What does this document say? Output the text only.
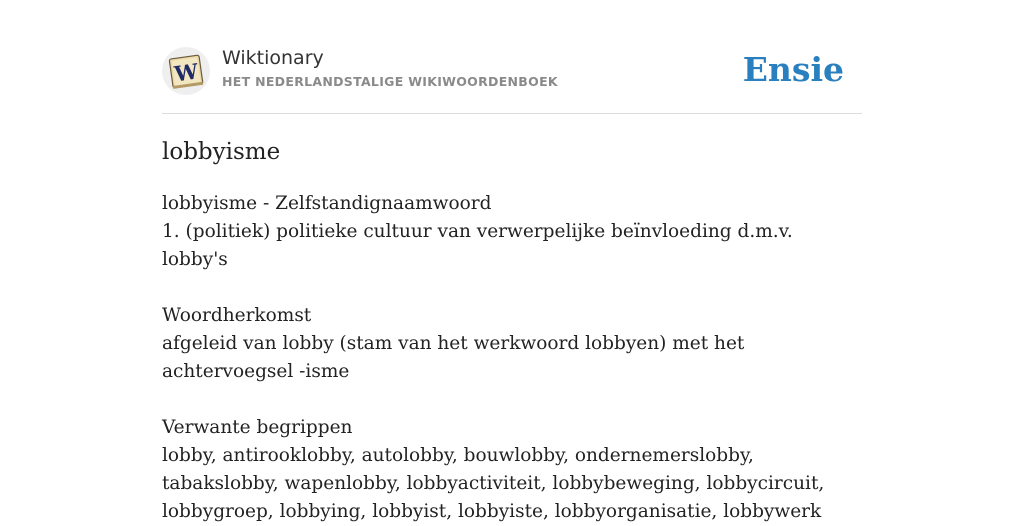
W
Wiktionary
HET NEDERLANDSTALIGE WIKIWOORDENBOEK	Ensie
lobbyisme

lobbyisme - Zelfstandignaamwoord

1. (politiek) politieke cultuur van verwerpelijke beïnvloeding d.m.v. lobby's

Woordherkomst

afgeleid van lobby (stam van het werkwoord lobbyen) met het achtervoegsel -isme

Verwante begrippen

lobby, antirooklobby, autolobby, bouwlobby, ondernemerslobby, tabakslobby, wapenlobby, lobbyactiviteit, lobbybeweging, lobbycircuit, lobbygroep, lobbying, lobbyist, lobbyiste, lobbyorganisatie, lobbywerk
